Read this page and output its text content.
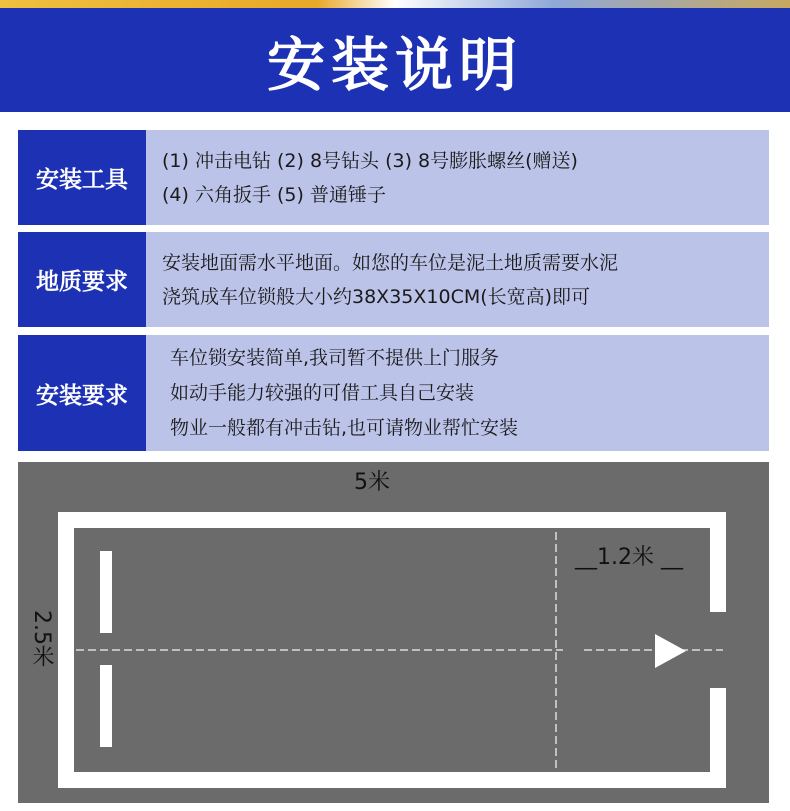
安装说明
安装工具
(1) 冲击电钻 (2) 8号钻头 (3) 8号膨胀螺丝(赠送)
(4) 六角扳手 (5) 普通锤子
地质要求
安装地面需水平地面。如您的车位是泥土地质需要水泥
浇筑成车位锁般大小约38X35X10CM(长宽高)即可
安装要求
车位锁安装简单,我司暂不提供上门服务
如动手能力较强的可借工具自己安装
物业一般都有冲击钻,也可请物业帮忙安装
5米
__1.2米 __
2.5米
